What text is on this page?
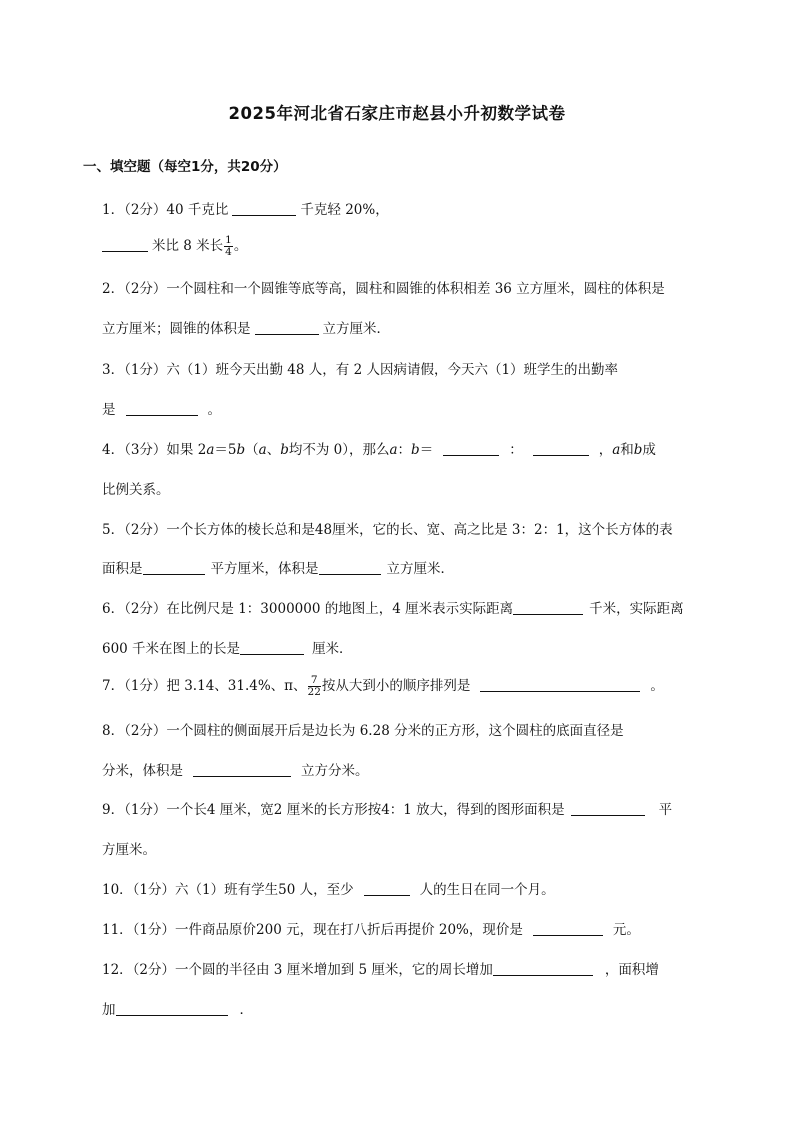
2025年河北省石家庄市赵县小升初数学试卷
一、填空题（每空1分，共20分）
1．（2分）40 千克比	千克轻 20%，
米比 8 米长 $\frac{1}{4}$ 。
2．（2分）一个圆柱和一个圆锥等底等高，圆柱和圆锥的体积相差 36 立方厘米，圆柱的体积是
立方厘米；圆锥的体积是	立方厘米．
3．（1分）六（1）班今天出勤 48 人，有 2 人因病请假，今天六（1）班学生的出勤率
是	。
4．（3分）如果 2a＝5b（a、b均不为 0），那么a：b＝	：	，a和b成
比例关系。
5．（2分）一个长方体的棱长总和是48厘米，它的长、宽、高之比是 3：2：1，这个长方体的表
面积是	平方厘米，体积是	立方厘米．
6．（2分）在比例尺是 1：3000000 的地图上，4 厘米表示实际距离	千米，实际距离
600 千米在图上的长是	厘米．
7．（1分）把 3.14、31.4%、π、 $\frac{7}{22}$ 按从大到小的顺序排列是	。
8．（2分）一个圆柱的侧面展开后是边长为 6.28 分米的正方形，这个圆柱的底面直径是
分米，体积是	立方分米。
9．（1分）一个长4 厘米，宽2 厘米的长方形按4：1 放大，得到的图形面积是	平
方厘米。
10．（1分）六（1）班有学生50 人，至少	人的生日在同一个月。
11．（1分）一件商品原价200 元，现在打八折后再提价 20%，现价是	元。
12．（2分）一个圆的半径由 3 厘米增加到 5 厘米，它的周长增加	，面积增
加	．
